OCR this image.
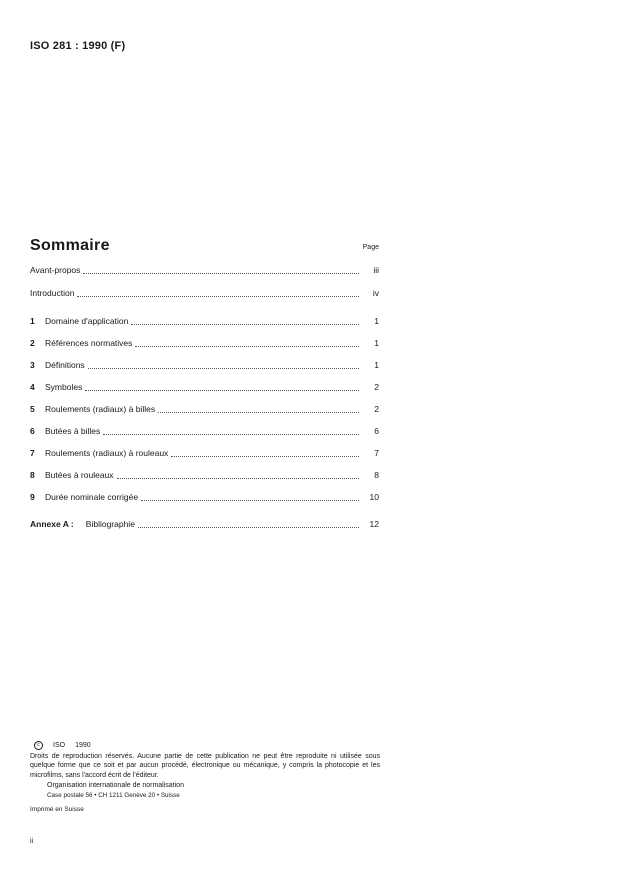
ISO 281 : 1990 (F)
Sommaire	Page
Avant-propos	iii
Introduction	iv
1	Domaine d'application	1
2	Références normatives	1
3	Définitions	1
4	Symboles	2
5	Roulements (radiaux) à billes	2
6	Butées à billes	6
7	Roulements (radiaux) à rouleaux	7
8	Butées à rouleaux	8
9	Durée nominale corrigée	10
Annexe A : Bibliographie	12
c	ISO 1990
Droits de reproduction réservés. Aucune partie de cette publication ne peut être reproduite ni utilisée sous quelque forme que ce soit et par aucun procédé, électronique ou mécanique, y compris la photocopie et les microfilms, sans l'accord écrit de l'éditeur.
Organisation internationale de normalisation
Case postale 56 • CH 1211 Genève 20 • Suisse
Imprimé en Suisse
ii
